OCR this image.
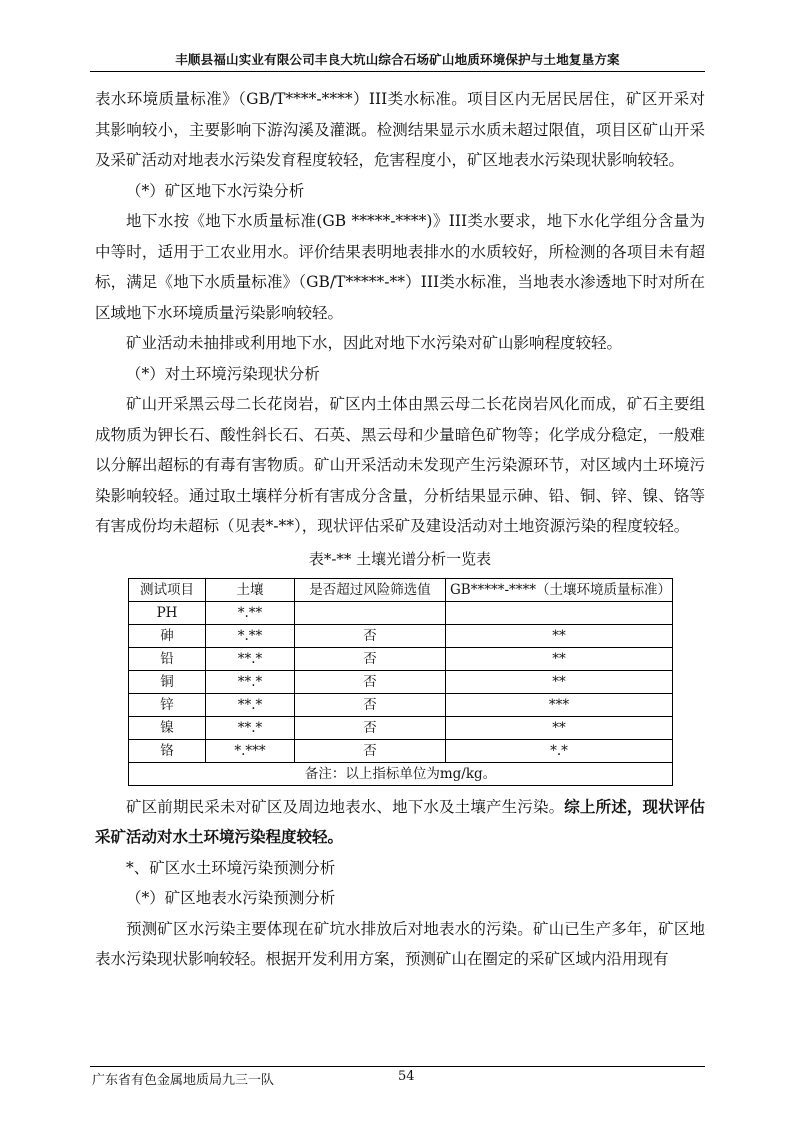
丰顺县福山实业有限公司丰良大坑山综合石场矿山地质环境保护与土地复垦方案

表水环境质量标准》（GB/T****-****）III类水标准。项目区内无居民居住，矿区开采对其影响较小，主要影响下游沟溪及灌溉。检测结果显示水质未超过限值，项目区矿山开采及采矿活动对地表水污染发育程度较轻，危害程度小，矿区地表水污染现状影响较轻。

（*）矿区地下水污染分析

地下水按《地下水质量标准(GB *****-****)》III类水要求，地下水化学组分含量为中等时，适用于工农业用水。评价结果表明地表排水的水质较好，所检测的各项目未有超标，满足《地下水质量标准》（GB/T*****-**）III类水标准，当地表水渗透地下时对所在区域地下水环境质量污染影响较轻。

矿业活动未抽排或利用地下水，因此对地下水污染对矿山影响程度较轻。

（*）对土环境污染现状分析

矿山开采黑云母二长花岗岩，矿区内土体由黑云母二长花岗岩风化而成，矿石主要组成物质为钾长石、酸性斜长石、石英、黑云母和少量暗色矿物等；化学成分稳定，一般难以分解出超标的有毒有害物质。矿山开采活动未发现产生污染源环节，对区域内土环境污染影响较轻。通过取土壤样分析有害成分含量，分析结果显示砷、铅、铜、锌、镍、铬等有害成份均未超标（见表*-**），现状评估采矿及建设活动对土地资源污染的程度较轻。

表*-** 土壤光谱分析一览表
测试项目	土壤	是否超过风险筛选值	GB*****-****（土壤环境质量标准）
PH	*.**		
砷	*.**	否	**
铅	**.*	否	**
铜	**.*	否	**
锌	**.*	否	***
镍	**.*	否	**
铬	*.***	否	*.*
备注：以上指标单位为mg/kg。			

矿区前期民采未对矿区及周边地表水、地下水及土壤产生污染。综上所述，现状评估采矿活动对水土环境污染程度较轻。

*、矿区水土环境污染预测分析

（*）矿区地表水污染预测分析

预测矿区水污染主要体现在矿坑水排放后对地表水的污染。矿山已生产多年，矿区地表水污染现状影响较轻。根据开发利用方案，预测矿山在圈定的采矿区域内沿用现有

广东省有色金属地质局九三一队	54
